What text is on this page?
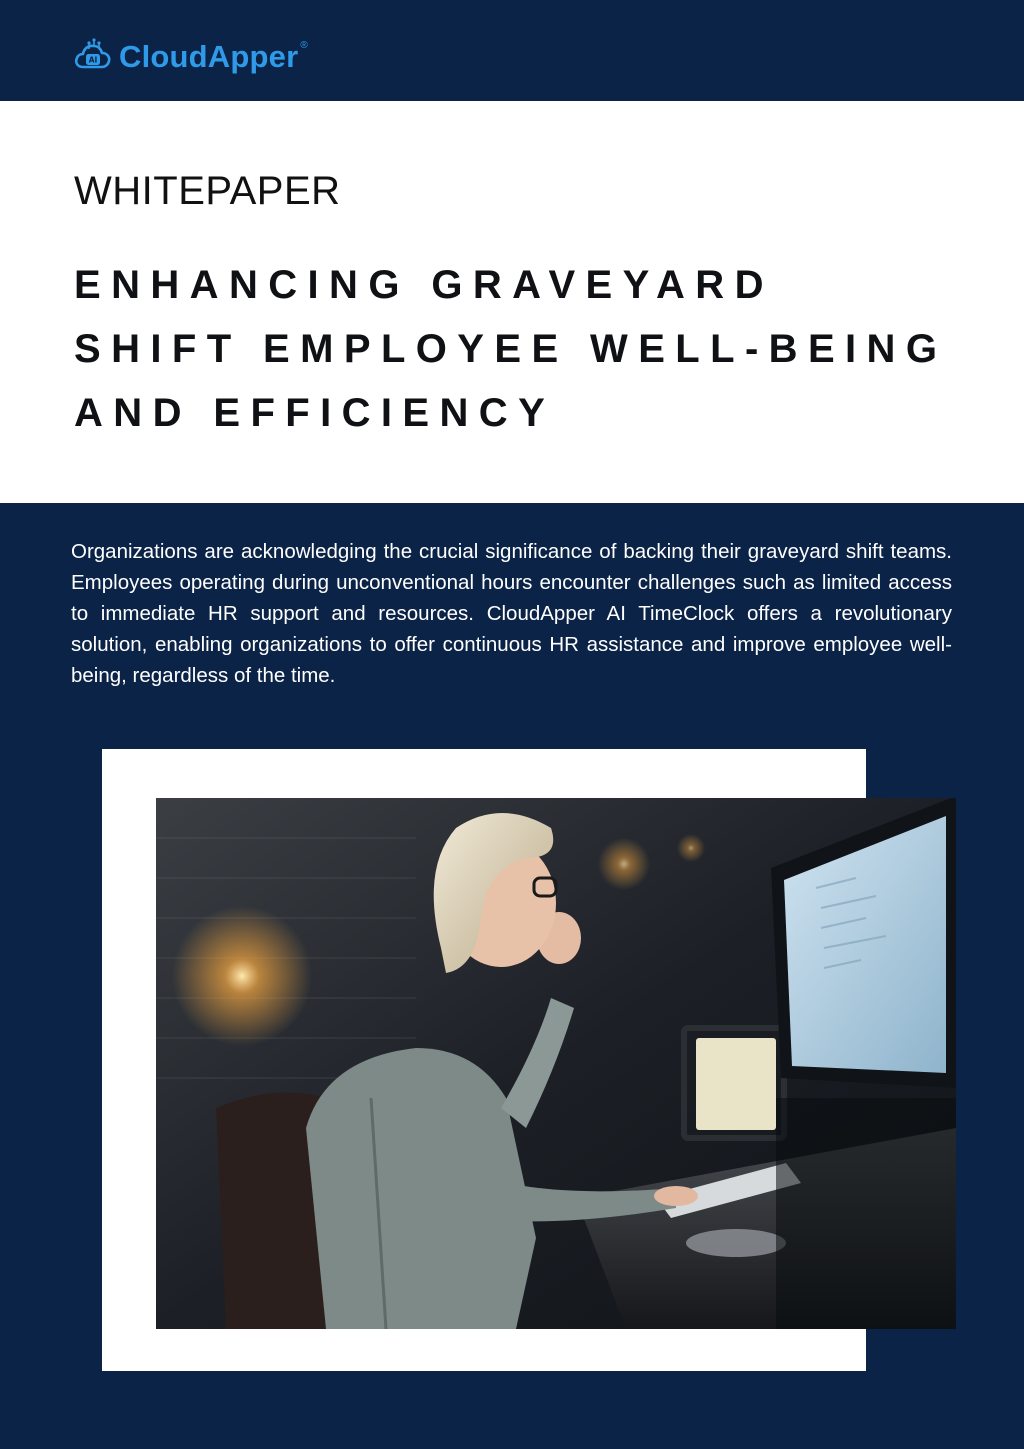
AI CloudApper ®
WHITEPAPER
ENHANCING GRAVEYARD
SHIFT EMPLOYEE WELL-BEING
AND EFFICIENCY

Organizations are acknowledging the crucial significance of backing their graveyard shift teams. Employees operating during unconventional hours encounter challenges such as limited access to immediate HR support and resources. CloudApper AI TimeClock offers a revolutionary solution, enabling organizations to offer continuous HR assistance and improve employee well-being, regardless of the time.
